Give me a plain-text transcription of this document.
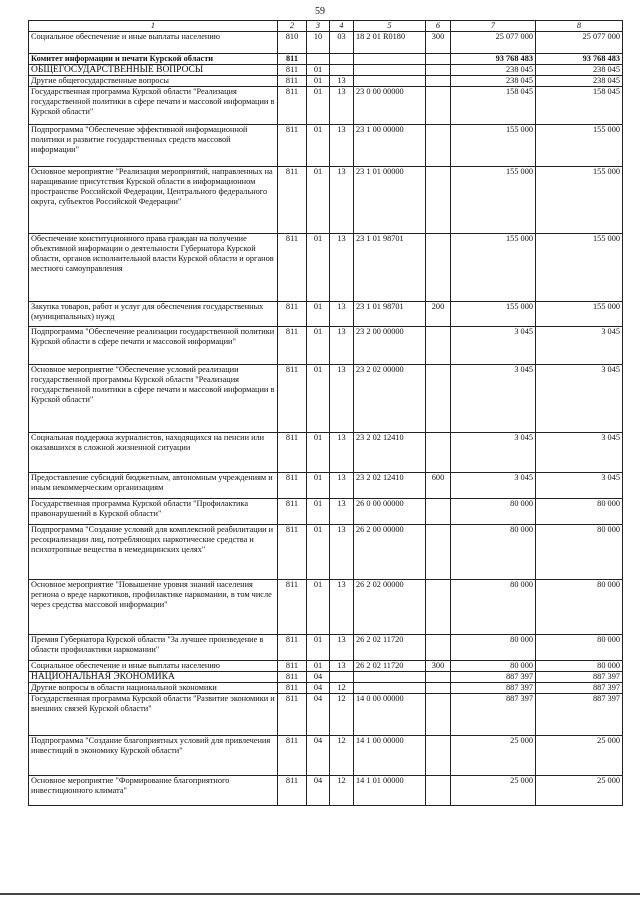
59
1	2	3	4	5	6	7	8
Социальное обеспечение и иные выплаты населению	810	10	03	18 2 01 R0180	300	25 077 000	25 077 000
Комитет информации и печати Курской области	811					93 768 483	93 768 483
ОБЩЕГОСУДАРСТВЕННЫЕ ВОПРОСЫ	811	01				238 045	238 045
Другие общегосударственные вопросы	811	01	13			238 045	238 045
Государственная программа Курской области "Реализация государственной политики в сфере печати и массовой информации в Курской области"	811	01	13	23 0 00 00000		158 045	158 045
Подпрограмма "Обеспечение эффективной информационной политики и развитие государственных средств массовой информации"	811	01	13	23 1 00 00000		155 000	155 000
Основное мероприятие "Реализация мероприятий, направленных на наращивание присутствия Курской области в информационном пространстве Российской Федерации, Центрального федерального округа, субъектов Российской Федерации"	811	01	13	23 1 01 00000		155 000	155 000
Обеспечение конституционного права граждан на получение объективной информации о деятельности Губернатора Курской области, органов исполнительной власти Курской области и органов местного самоуправления	811	01	13	23 1 01 98701		155 000	155 000
Закупка товаров, работ и услуг для обеспечения государственных (муниципальных) нужд	811	01	13	23 1 01 98701	200	155 000	155 000
Подпрограмма "Обеспечение реализации государственной политики Курской области в сфере печати и массовой информации"	811	01	13	23 2 00 00000		3 045	3 045
Основное мероприятие "Обеспечение условий реализации государственной программы Курской области "Реализация государственной политики в сфере печати и массовой информации в Курской области"	811	01	13	23 2 02 00000		3 045	3 045
Социальная поддержка журналистов, находящихся на пенсии или оказавшихся в сложной жизненной ситуации	811	01	13	23 2 02 12410		3 045	3 045
Предоставление субсидий бюджетным, автономным учреждениям и иным некоммерческим организациям	811	01	13	23 2 02 12410	600	3 045	3 045
Государственная программа Курской области "Профилактика правонарушений в Курской области"	811	01	13	26 0 00 00000		80 000	80 000
Подпрограмма "Создание условий для комплексной реабилитации и ресоциализации лиц, потребляющих наркотические средства и психотропные вещества в немедицинских целях"	811	01	13	26 2 00 00000		80 000	80 000
Основное мероприятие "Повышение уровня знаний населения региона о вреде наркотиков, профилактике наркомании, в том числе через средства массовой информации"	811	01	13	26 2 02 00000		80 000	80 000
Премия Губернатора Курской области "За лучшее произведение в области профилактики наркомании"	811	01	13	26 2 02 11720		80 000	80 000
Социальное обеспечение и иные выплаты населению	811	01	13	26 2 02 11720	300	80 000	80 000
НАЦИОНАЛЬНАЯ ЭКОНОМИКА	811	04				887 397	887 397
Другие вопросы в области национальной экономики	811	04	12			887 397	887 397
Государственная программа Курской области "Развитие экономики и внешних связей Курской области"	811	04	12	14 0 00 00000		887 397	887 397
Подпрограмма "Создание благоприятных условий для привлечения инвестиций в экономику Курской области"	811	04	12	14 1 00 00000		25 000	25 000
Основное мероприятие "Формирование благоприятного инвестиционного климата"	811	04	12	14 1 01 00000		25 000	25 000
